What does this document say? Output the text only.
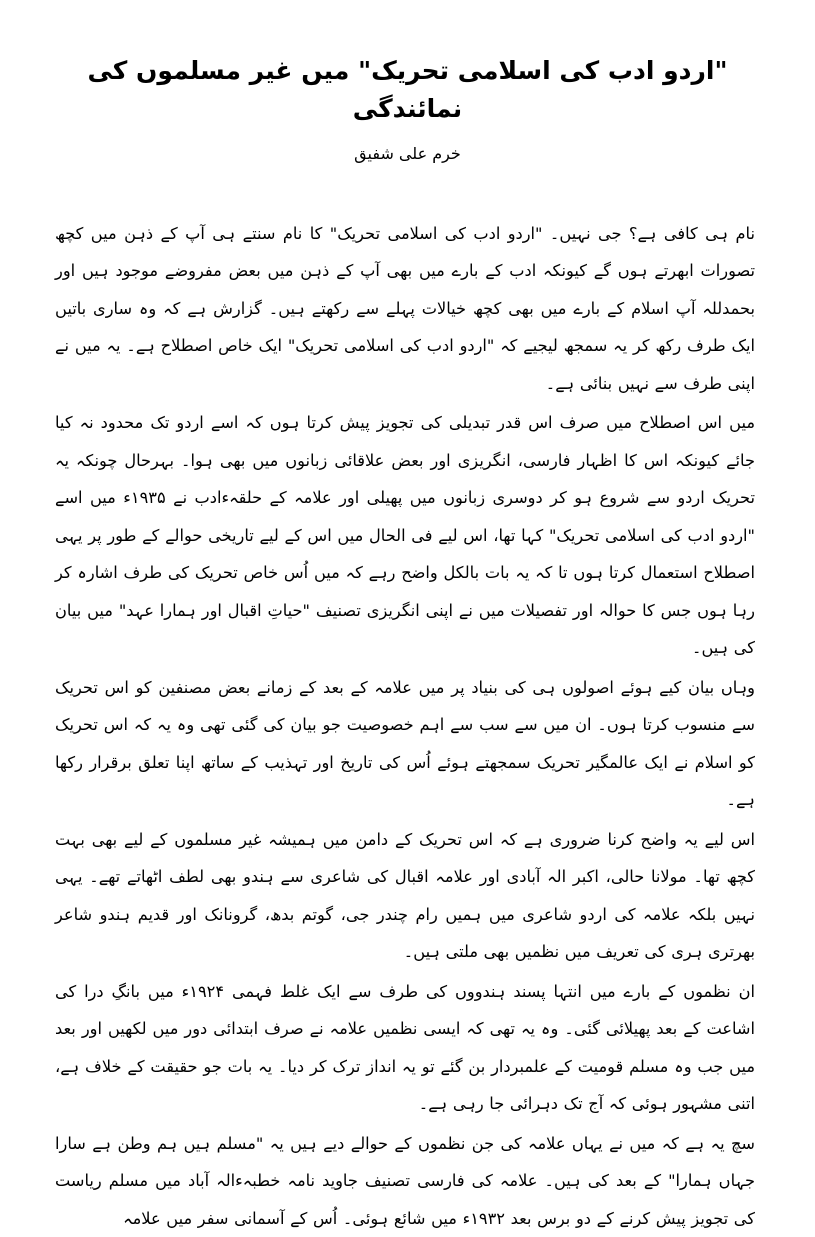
"اردو ادب کی اسلامی تحریک" میں غیر مسلموں کی نمائندگی
خرم علی شفیق

نام ہی کافی ہے؟ جی نہیں۔ "اردو ادب کی اسلامی تحریک" کا نام سنتے ہی آپ کے ذہن میں کچھ تصورات ابھرتے ہوں گے کیونکہ ادب کے بارے میں بھی آپ کے ذہن میں بعض مفروضے موجود ہیں اور بحمدللہ آپ اسلام کے بارے میں بھی کچھ خیالات پہلے سے رکھتے ہیں۔ گزارش ہے کہ وہ ساری باتیں ایک طرف رکھ کر یہ سمجھ لیجیے کہ "اردو ادب کی اسلامی تحریک" ایک خاص اصطلاح ہے۔ یہ میں نے اپنی طرف سے نہیں بنائی ہے۔

میں اس اصطلاح میں صرف اس قدر تبدیلی کی تجویز پیش کرتا ہوں کہ اسے اردو تک محدود نہ کیا جائے کیونکہ اس کا اظہار فارسی، انگریزی اور بعض علاقائی زبانوں میں بھی ہوا۔ بہرحال چونکہ یہ تحریک اردو سے شروع ہو کر دوسری زبانوں میں پھیلی اور علامہ کے حلقہءادب نے ۱۹۳۵ء میں اسے "اردو ادب کی اسلامی تحریک" کہا تھا، اس لیے فی الحال میں اس کے لیے تاریخی حوالے کے طور پر یہی اصطلاح استعمال کرتا ہوں تا کہ یہ بات بالکل واضح رہے کہ میں اُس خاص تحریک کی طرف اشارہ کر رہا ہوں جس کا حوالہ اور تفصیلات میں نے اپنی انگریزی تصنیف "حیاتِ اقبال اور ہمارا عہد" میں بیان کی ہیں۔

وہاں بیان کیے ہوئے اصولوں ہی کی بنیاد پر میں علامہ کے بعد کے زمانے بعض مصنفین کو اس تحریک سے منسوب کرتا ہوں۔ ان میں سے سب سے اہم خصوصیت جو بیان کی گئی تھی وہ یہ کہ اس تحریک کو اسلام نے ایک عالمگیر تحریک سمجھتے ہوئے اُس کی تاریخ اور تہذیب کے ساتھ اپنا تعلق برقرار رکھا ہے۔

اس لیے یہ واضح کرنا ضروری ہے کہ اس تحریک کے دامن میں ہمیشہ غیر مسلموں کے لیے بھی بہت کچھ تھا۔ مولانا حالی، اکبر الہ آبادی اور علامہ اقبال کی شاعری سے ہندو بھی لطف اٹھاتے تھے۔ یہی نہیں بلکہ علامہ کی اردو شاعری میں ہمیں رام چندر جی، گوتم بدھ، گرونانک اور قدیم ہندو شاعر بھرتری ہری کی تعریف میں نظمیں بھی ملتی ہیں۔

ان نظموں کے بارے میں انتہا پسند ہندووں کی طرف سے ایک غلط فہمی ۱۹۲۴ء میں بانگِ درا کی اشاعت کے بعد پھیلائی گئی۔ وہ یہ تھی کہ ایسی نظمیں علامہ نے صرف ابتدائی دور میں لکھیں اور بعد میں جب وہ مسلم قومیت کے علمبردار بن گئے تو یہ انداز ترک کر دیا۔ یہ بات جو حقیقت کے خلاف ہے، اتنی مشہور ہوئی کہ آج تک دہرائی جا رہی ہے۔

سچ یہ ہے کہ میں نے یہاں علامہ کی جن نظموں کے حوالے دیے ہیں یہ "مسلم ہیں ہم وطن ہے سارا جہاں ہمارا" کے بعد کی ہیں۔ علامہ کی فارسی تصنیف جاوید نامہ خطبہءالہ آباد میں مسلم ریاست کی تجویز پیش کرنے کے دو برس بعد ۱۹۳۲ء میں شائع ہوئی۔ اُس کے آسمانی سفر میں علامہ
